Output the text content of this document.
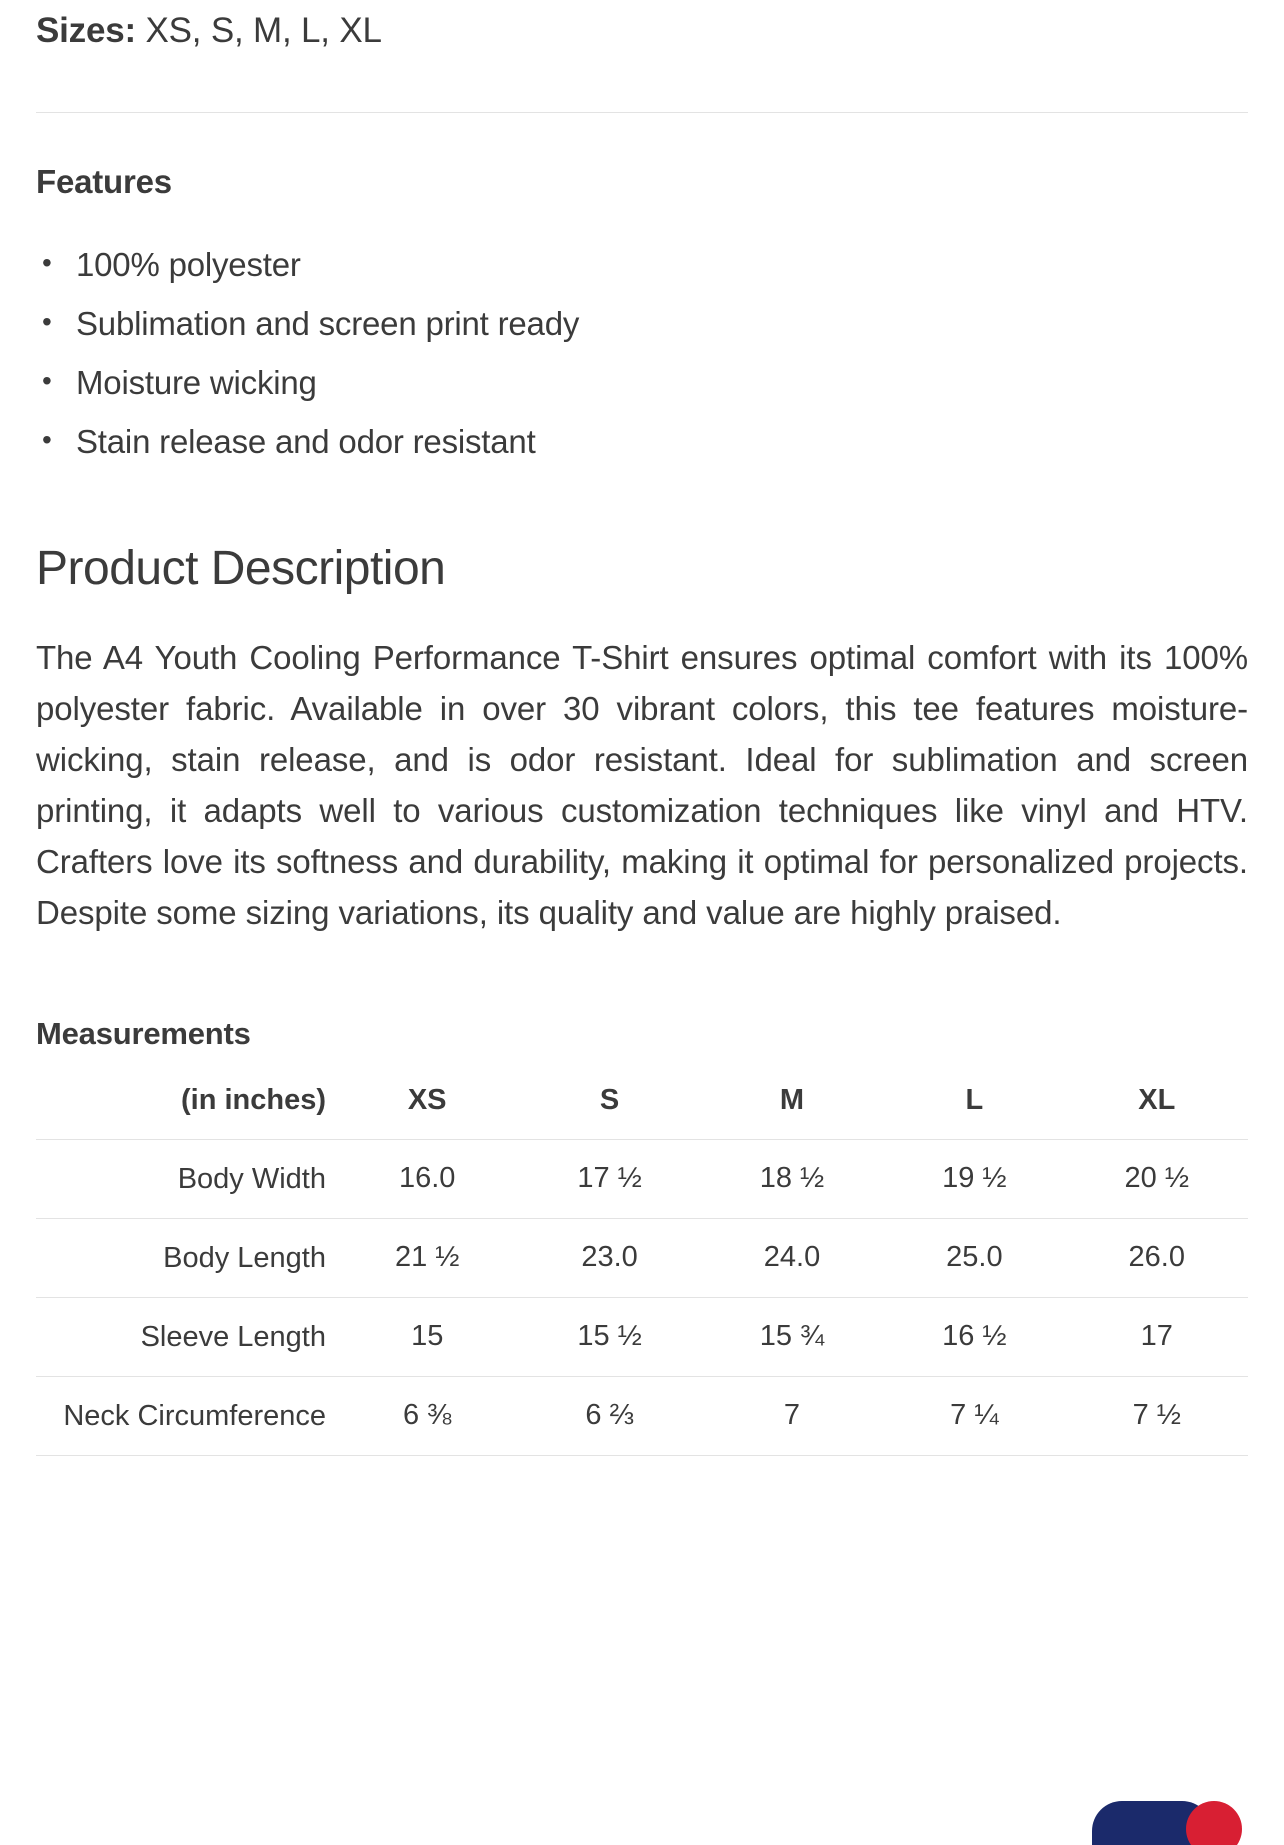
Sizes: XS, S, M, L, XL
Features
• 100% polyester
• Sublimation and screen print ready
• Moisture wicking
• Stain release and odor resistant
Product Description

The A4 Youth Cooling Performance T-Shirt ensures optimal comfort with its 100% polyester fabric. Available in over 30 vibrant colors, this tee features moisture-wicking, stain release, and is odor resistant. Ideal for sublimation and screen printing, it adapts well to various customization techniques like vinyl and HTV. Crafters love its softness and durability, making it optimal for personalized projects. Despite some sizing variations, its quality and value are highly praised.

Measurements
(in inches)	XS	S	M	L	XL
Body Width	16.0	17 ½	18 ½	19 ½	20 ½
Body Length	21 ½	23.0	24.0	25.0	26.0
Sleeve Length	15	15 ½	15 ¾	16 ½	17
Neck Circumference	6 ⅜	6 ⅔	7	7 ¼	7 ½
